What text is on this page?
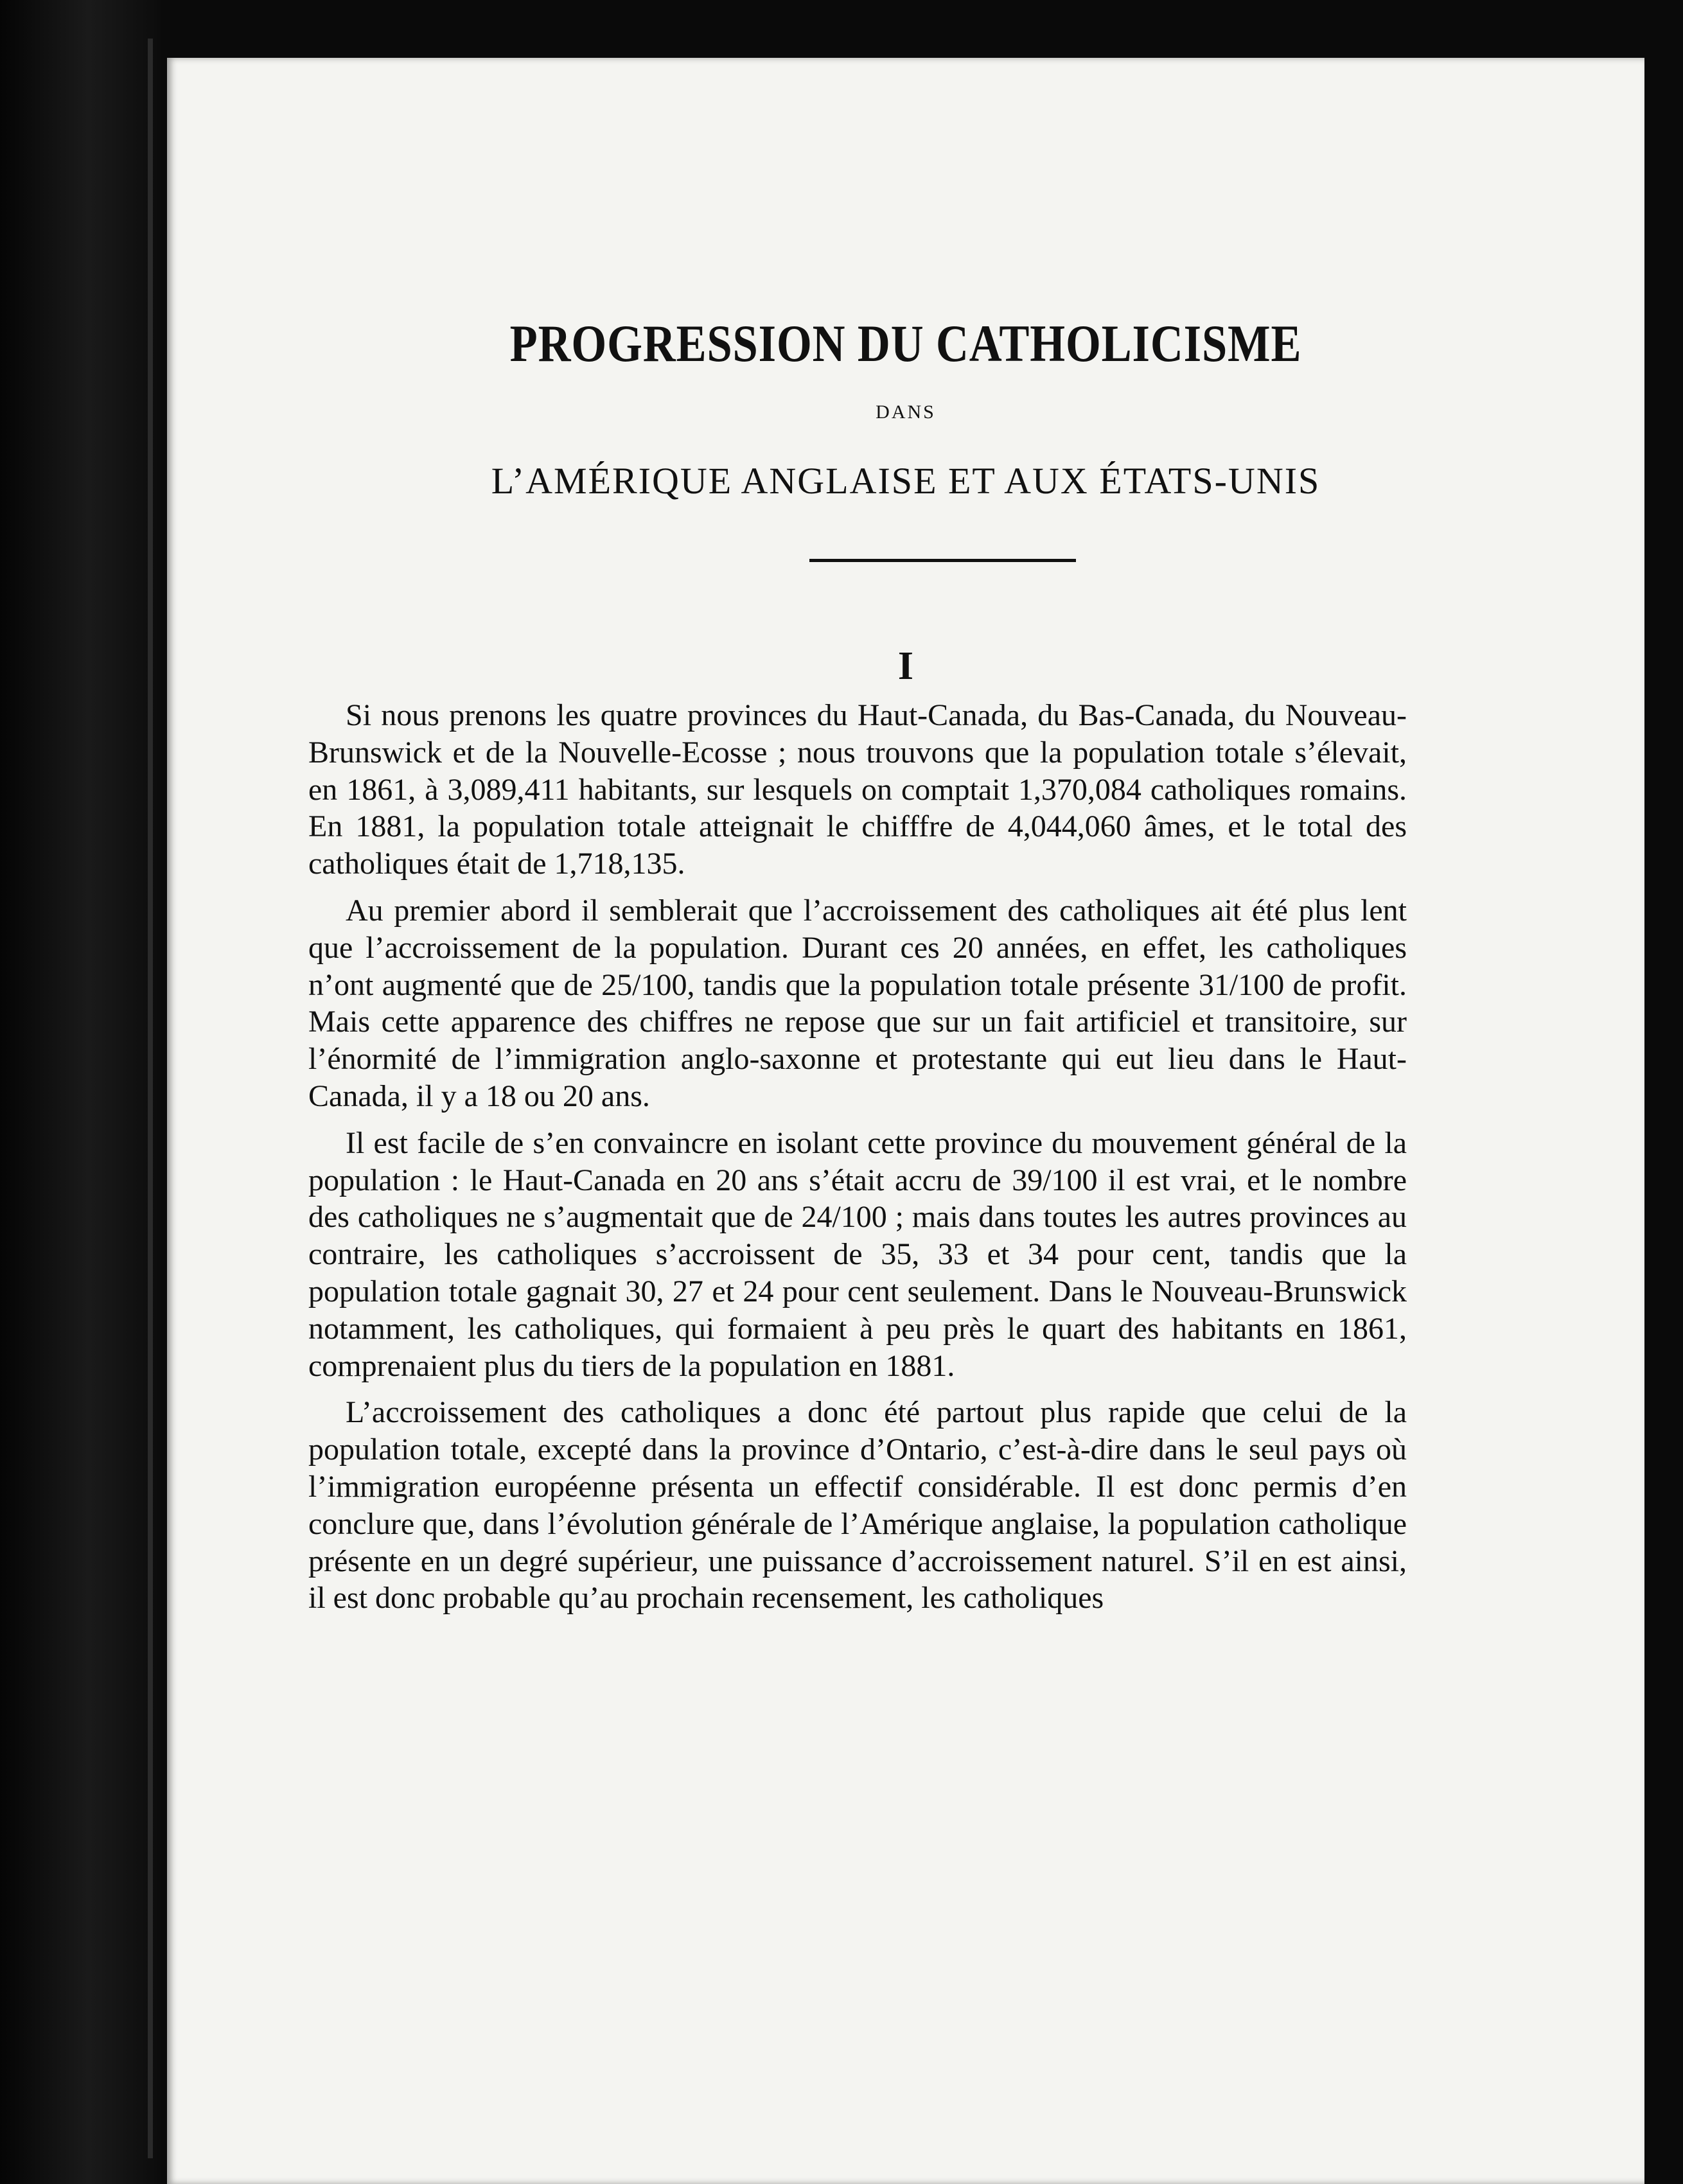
PROGRESSION DU CATHOLICISME
DANS
L’AMÉRIQUE ANGLAISE ET AUX ÉTATS-UNIS
I

Si nous prenons les quatre provinces du Haut-Canada, du Bas-Canada, du Nouveau-Brunswick et de la Nouvelle-Ecosse ; nous trouvons que la population totale s’élevait, en 1861, à 3,089,411 habitants, sur lesquels on comptait 1,370,084 catholiques romains. En 1881, la population totale atteignait le chifffre de 4,044,060 âmes, et le total des catholiques était de 1,718,135.

Au premier abord il semblerait que l’accroissement des catholiques ait été plus lent que l’accroissement de la population. Durant ces 20 années, en effet, les catholiques n’ont augmenté que de 25/100, tandis que la population totale présente 31/100 de profit. Mais cette apparence des chiffres ne repose que sur un fait artificiel et transitoire, sur l’énormité de l’immigration anglo-saxonne et protestante qui eut lieu dans le Haut-Canada, il y a 18 ou 20 ans.

Il est facile de s’en convaincre en isolant cette province du mouvement général de la population : le Haut-Canada en 20 ans s’était accru de 39/100 il est vrai, et le nombre des catholiques ne s’augmentait que de 24/100 ; mais dans toutes les autres provinces au contraire, les catholiques s’accroissent de 35, 33 et 34 pour cent, tandis que la population totale gagnait 30, 27 et 24 pour cent seulement. Dans le Nouveau-Brunswick notamment, les catholiques, qui formaient à peu près le quart des habitants en 1861, comprenaient plus du tiers de la population en 1881.

L’accroissement des catholiques a donc été partout plus rapide que celui de la population totale, excepté dans la province d’Ontario, c’est-à-dire dans le seul pays où l’immigration européenne présenta un effectif considérable. Il est donc permis d’en conclure que, dans l’évolution générale de l’Amérique anglaise, la population catholique présente en un degré supérieur, une puissance d’accroissement naturel. S’il en est ainsi, il est donc probable qu’au prochain recensement, les catholiques
